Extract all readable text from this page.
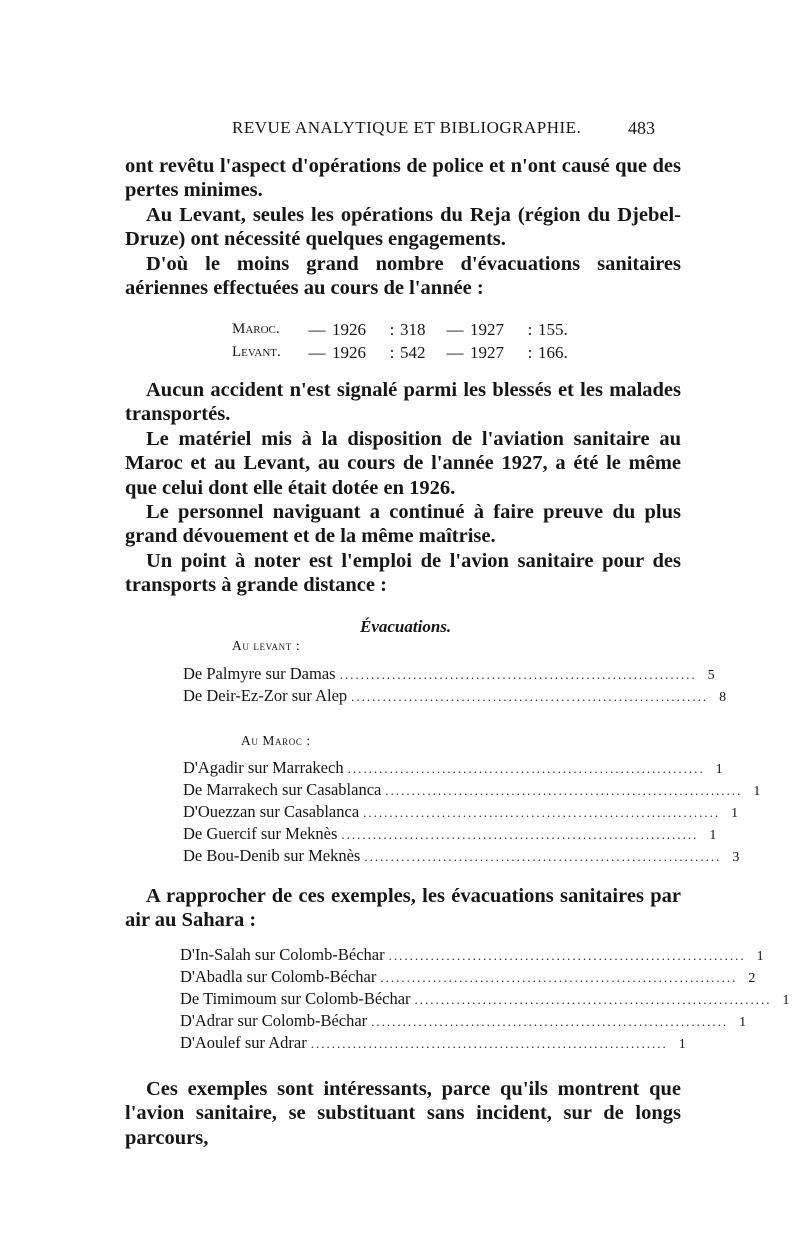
REVUE ANALYTIQUE ET BIBLIOGRAPHIE.	483

ont revêtu l'aspect d'opérations de police et n'ont causé que des pertes minimes.

Au Levant, seules les opérations du Reja (région du Djebel-Druze) ont nécessité quelques engagements.

D'où le moins grand nombre d'évacuations sanitaires aériennes effectuées au cours de l'année :

Maroc.	— 1926	: 318	— 1927	: 155.
Levant.	— 1926	: 542	— 1927	: 166.

Aucun accident n'est signalé parmi les blessés et les malades transportés.

Le matériel mis à la disposition de l'aviation sanitaire au Maroc et au Levant, au cours de l'année 1927, a été le même que celui dont elle était dotée en 1926.

Le personnel naviguant a continué à faire preuve du plus grand dévouement et de la même maîtrise.

Un point à noter est l'emploi de l'avion sanitaire pour des transports à grande distance :

Évacuations.
Au levant :
De Palmyre sur Damas .................................................................... 5
De Deir-Ez-Zor sur Alep .................................................................... 8
Au Maroc :
D'Agadir sur Marrakech .................................................................... 1
De Marrakech sur Casablanca .................................................................... 1
D'Ouezzan sur Casablanca .................................................................... 1
De Guercif sur Meknès .................................................................... 1
De Bou-Denib sur Meknès .................................................................... 3

A rapprocher de ces exemples, les évacuations sanitaires par air au Sahara :

D'In-Salah sur Colomb-Béchar .................................................................... 1
D'Abadla sur Colomb-Béchar .................................................................... 2
De Timimoum sur Colomb-Béchar .................................................................... 1
D'Adrar sur Colomb-Béchar .................................................................... 1
D'Aoulef sur Adrar .................................................................... 1

Ces exemples sont intéressants, parce qu'ils montrent que l'avion sanitaire, se substituant sans incident, sur de longs parcours,
